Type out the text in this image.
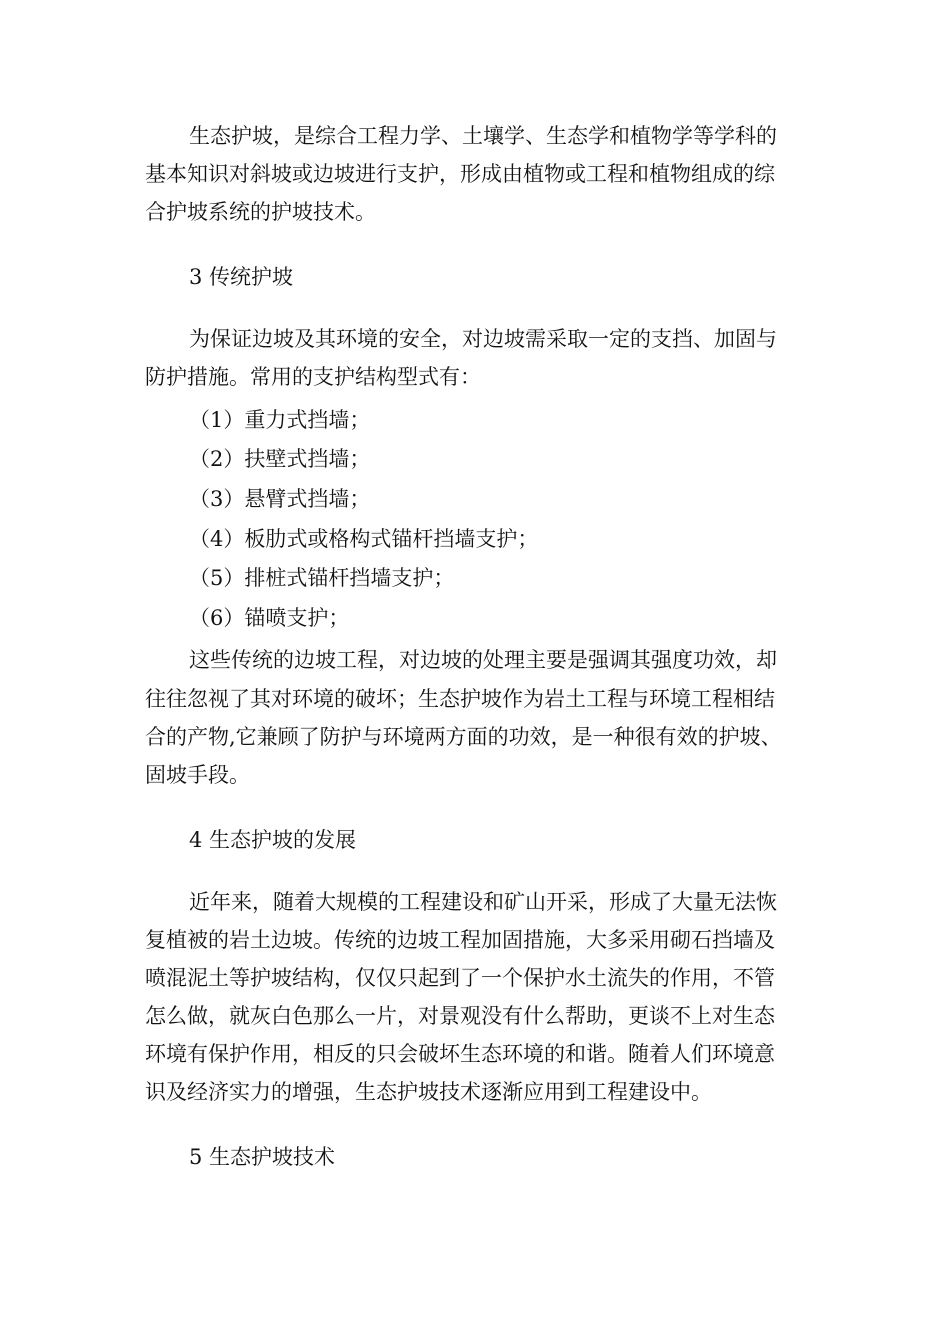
生态护坡，是综合工程力学、土壤学、生态学和植物学等学科的
基本知识对斜坡或边坡进行支护，形成由植物或工程和植物组成的综
合护坡系统的护坡技术。
3 传统护坡
为保证边坡及其环境的安全，对边坡需采取一定的支挡、加固与
防护措施。常用的支护结构型式有：
（1）重力式挡墙；
（2）扶壁式挡墙；
（3）悬臂式挡墙；
（4）板肋式或格构式锚杆挡墙支护；
（5）排桩式锚杆挡墙支护；
（6）锚喷支护；
这些传统的边坡工程，对边坡的处理主要是强调其强度功效，却
往往忽视了其对环境的破坏；生态护坡作为岩土工程与环境工程相结
合的产物,它兼顾了防护与环境两方面的功效，是一种很有效的护坡、
固坡手段。
4 生态护坡的发展
近年来，随着大规模的工程建设和矿山开采，形成了大量无法恢
复植被的岩土边坡。传统的边坡工程加固措施，大多采用砌石挡墙及
喷混泥土等护坡结构，仅仅只起到了一个保护水土流失的作用，不管
怎么做，就灰白色那么一片，对景观没有什么帮助，更谈不上对生态
环境有保护作用，相反的只会破坏生态环境的和谐。随着人们环境意
识及经济实力的增强，生态护坡技术逐渐应用到工程建设中。
5 生态护坡技术
